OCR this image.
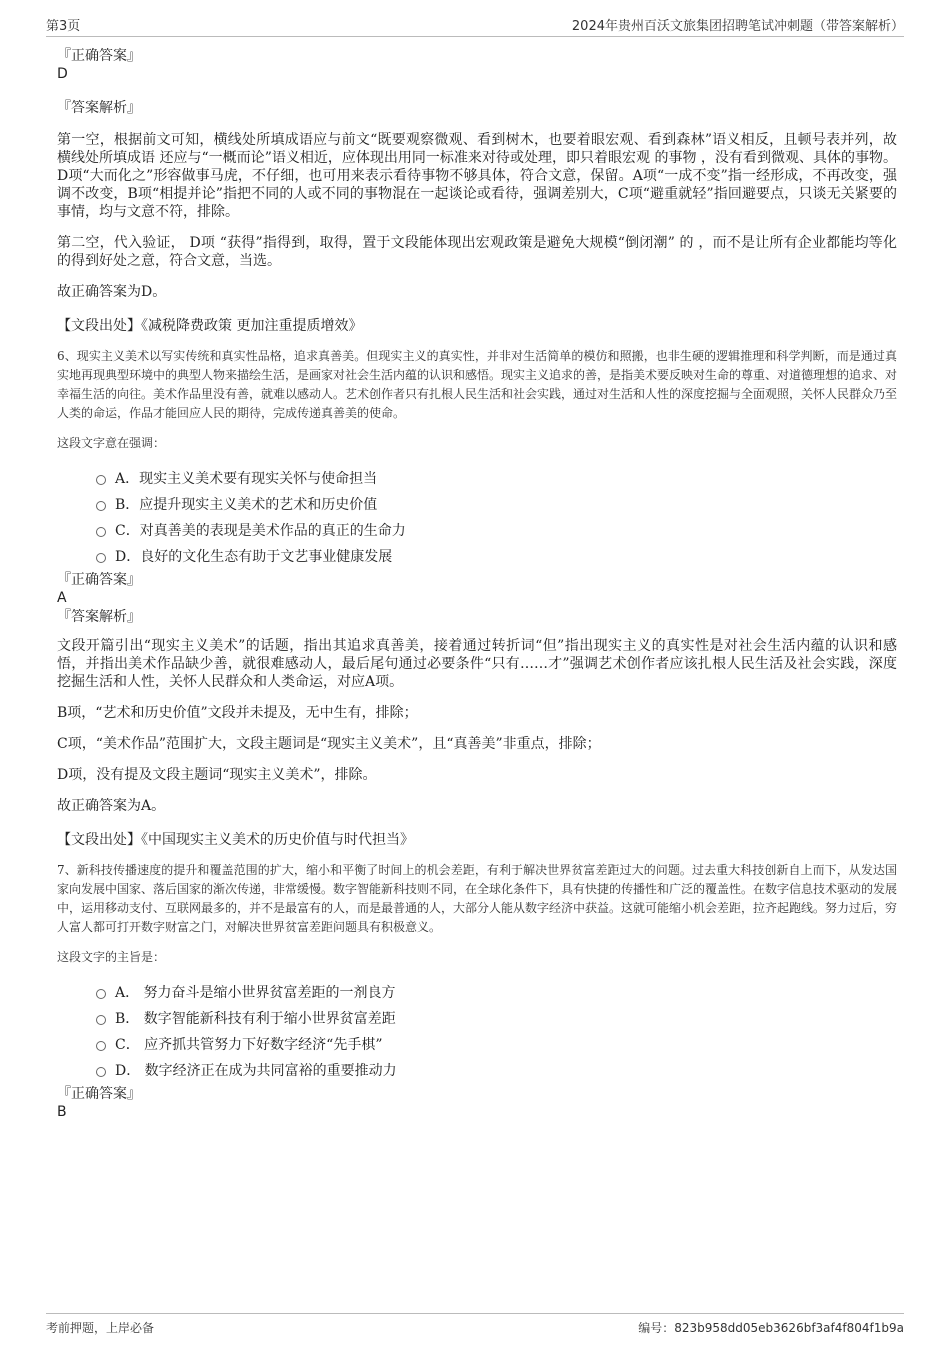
第3页	2024年贵州百沃文旅集团招聘笔试冲刺题（带答案解析）
『正确答案』
D
『答案解析』

第一空，根据前文可知，横线处所填成语应与前文“既要观察微观、看到树木，也要着眼宏观、看到森林”语义相反，且顿号表并列，故 横线处所填成语 还应与“一概而论”语义相近，应体现出用同一标准来对待或处理，即只着眼宏观 的事物 ，没有看到微观、具体的事物。D项“大而化之”形容做事马虎，不仔细，也可用来表示看待事物不够具体，符合文意，保留。A项“一成不变”指一经形成，不再改变，强调不改变，B项“相提并论”指把不同的人或不同的事物混在一起谈论或看待，强调差别大，C项“避重就轻”指回避要点，只谈无关紧要的事情，均与文意不符，排除。

第二空，代入验证， D项 “获得”指得到，取得，置于文段能体现出宏观政策是避免大规模“倒闭潮” 的 ，而不是让所有企业都能均等化的得到好处之意，符合文意，当选。

故正确答案为D。

【文段出处】《减税降费政策 更加注重提质增效》

6、现实主义美术以写实传统和真实性品格，追求真善美。但现实主义的真实性，并非对生活简单的模仿和照搬，也非生硬的逻辑推理和科学判断，而是通过真实地再现典型环境中的典型人物来描绘生活，是画家对社会生活内蕴的认识和感悟。现实主义追求的善，是指美术要反映对生命的尊重、对道德理想的追求、对幸福生活的向往。美术作品里没有善，就难以感动人。艺术创作者只有扎根人民生活和社会实践，通过对生活和人性的深度挖掘与全面观照，关怀人民群众乃至人类的命运，作品才能回应人民的期待，完成传递真善美的使命。

这段文字意在强调：

A．现实主义美术要有现实关怀与使命担当
B．应提升现实主义美术的艺术和历史价值
C．对真善美的表现是美术作品的真正的生命力
D．良好的文化生态有助于文艺事业健康发展
『正确答案』
A
『答案解析』

文段开篇引出“现实主义美术”的话题，指出其追求真善美，接着通过转折词“但”指出现实主义的真实性是对社会生活内蕴的认识和感悟，并指出美术作品缺少善，就很难感动人，最后尾句通过必要条件“只有……才”强调艺术创作者应该扎根人民生活及社会实践，深度挖掘生活和人性，关怀人民群众和人类命运，对应A项。

B项，“艺术和历史价值”文段并未提及，无中生有，排除；

C项，“美术作品”范围扩大，文段主题词是“现实主义美术”，且“真善美”非重点，排除；

D项，没有提及文段主题词“现实主义美术”，排除。

故正确答案为A。

【文段出处】《中国现实主义美术的历史价值与时代担当》

7、新科技传播速度的提升和覆盖范围的扩大，缩小和平衡了时间上的机会差距，有利于解决世界贫富差距过大的问题。过去重大科技创新自上而下，从发达国家向发展中国家、落后国家的渐次传递，非常缓慢。数字智能新科技则不同，在全球化条件下，具有快捷的传播性和广泛的覆盖性。在数字信息技术驱动的发展中，运用移动支付、互联网最多的，并不是最富有的人，而是最普通的人，大部分人能从数字经济中获益。这就可能缩小机会差距，拉齐起跑线。努力过后，穷人富人都可打开数字财富之门，对解决世界贫富差距问题具有积极意义。

这段文字的主旨是：

A． 努力奋斗是缩小世界贫富差距的一剂良方
B． 数字智能新科技有利于缩小世界贫富差距
C． 应齐抓共管努力下好数字经济“先手棋”
D． 数字经济正在成为共同富裕的重要推动力
『正确答案』
B
考前押题，上岸必备	编号：823b958dd05eb3626bf3af4f804f1b9a
